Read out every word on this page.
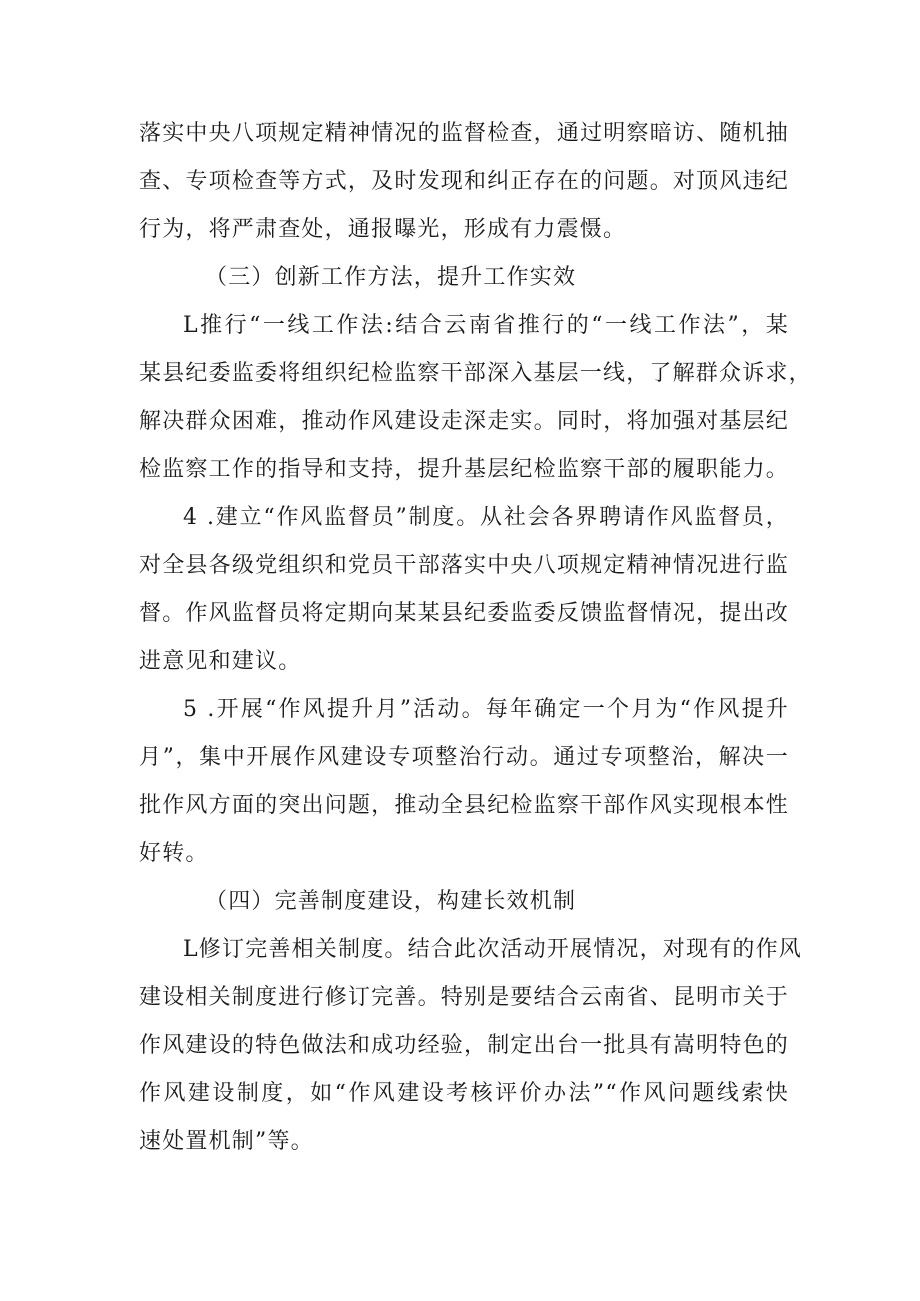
落实中央八项规定精神情况的监督检查，通过明察暗访、随机抽
查、专项检查等方式，及时发现和纠正存在的问题。对顶风违纪
行为，将严肃查处，通报曝光，形成有力震慑。
（三）创新工作方法，提升工作实效
L推行“一线工作法:结合云南省推行的“一线工作法”，某
某县纪委监委将组织纪检监察干部深入基层一线，了解群众诉求，
解决群众困难，推动作风建设走深走实。同时，将加强对基层纪
检监察工作的指导和支持，提升基层纪检监察干部的履职能力。
4 .建立“作风监督员”制度。从社会各界聘请作风监督员，
对全县各级党组织和党员干部落实中央八项规定精神情况进行监
督。作风监督员将定期向某某县纪委监委反馈监督情况，提出改
进意见和建议。
5 .开展“作风提升月”活动。每年确定一个月为“作风提升
月”，集中开展作风建设专项整治行动。通过专项整治，解决一
批作风方面的突出问题，推动全县纪检监察干部作风实现根本性
好转。
（四）完善制度建设，构建长效机制
L修订完善相关制度。结合此次活动开展情况，对现有的作风
建设相关制度进行修订完善。特别是要结合云南省、昆明市关于
作风建设的特色做法和成功经验，制定出台一批具有嵩明特色的
作风建设制度，如“作风建设考核评价办法”“作风问题线索快
速处置机制”等。
